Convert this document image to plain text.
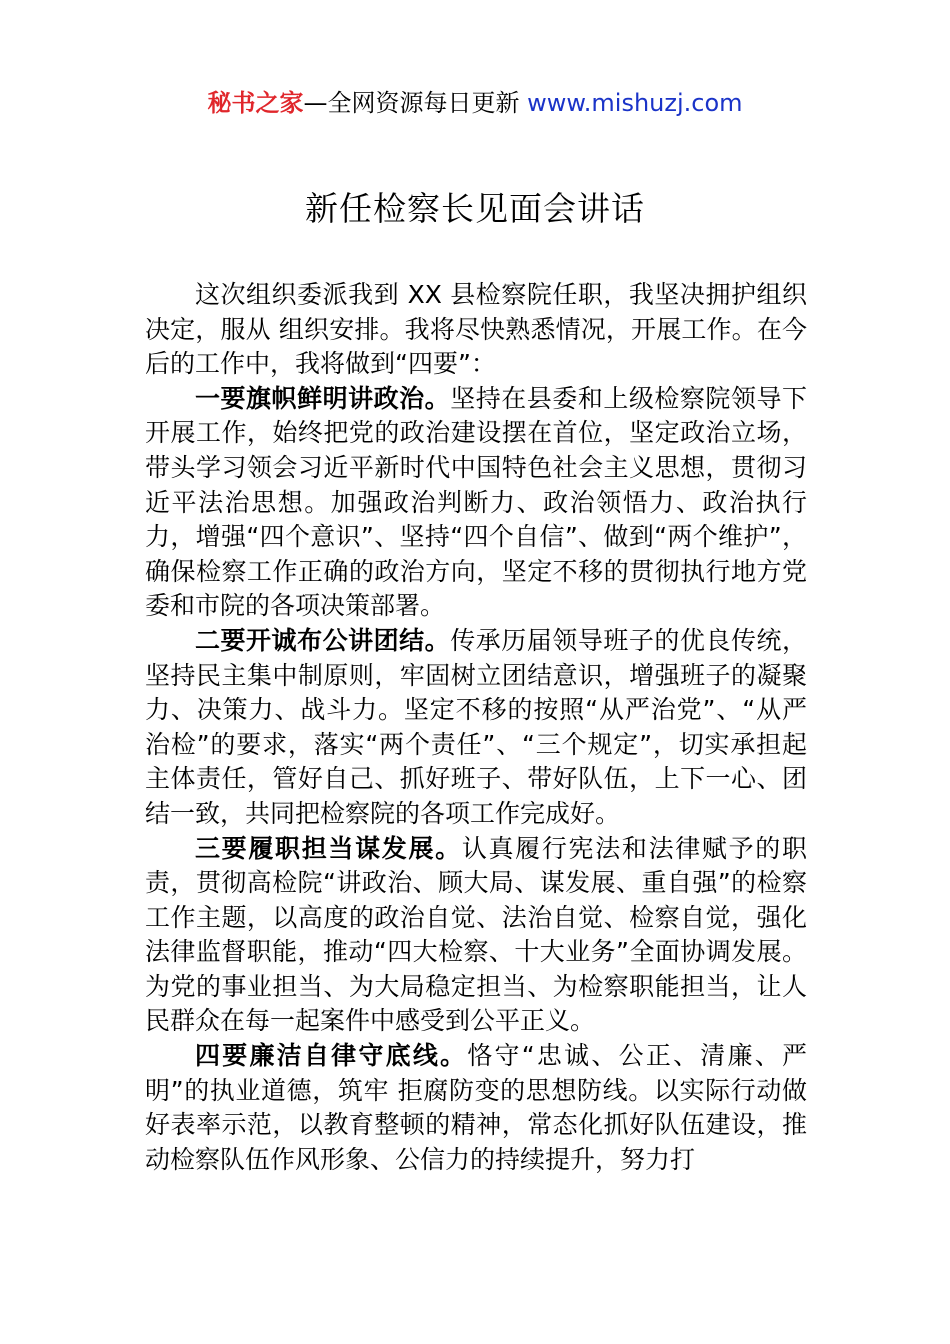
秘书之家—全网资源每日更新 www.mishuzj.com
新任检察长见面会讲话

这次组织委派我到 XX 县检察院任职，我坚决拥护组织决定，服从 组织安排。我将尽快熟悉情况，开展工作。在今后的工作中，我将做到“四要”：

一要旗帜鲜明讲政治。坚持在县委和上级检察院领导下开展工作，始终把党的政治建设摆在首位，坚定政治立场，带头学习领会习近平新时代中国特色社会主义思想，贯彻习近平法治思想。加强政治判断力、政治领悟力、政治执行力，增强“四个意识”、坚持“四个自信”、做到“两个维护”，确保检察工作正确的政治方向，坚定不移的贯彻执行地方党委和市院的各项决策部署。

二要开诚布公讲团结。传承历届领导班子的优良传统，坚持民主集中制原则，牢固树立团结意识，增强班子的凝聚力、决策力、战斗力。坚定不移的按照“从严治党”、“从严治检”的要求，落实“两个责任”、“三个规定”，切实承担起主体责任，管好自己、抓好班子、带好队伍，上下一心、团结一致，共同把检察院的各项工作完成好。

三要履职担当谋发展。认真履行宪法和法律赋予的职责，贯彻高检院“讲政治、顾大局、谋发展、重自强”的检察工作主题，以高度的政治自觉、法治自觉、检察自觉，强化法律监督职能，推动“四大检察、十大业务”全面协调发展。为党的事业担当、为大局稳定担当、为检察职能担当，让人民群众在每一起案件中感受到公平正义。

四要廉洁自律守底线。恪守“忠诚、公正、清廉、严明”的执业道德，筑牢 拒腐防变的思想防线。以实际行动做好表率示范，以教育整顿的精神，常态化抓好队伍建设，推动检察队伍作风形象、公信力的持续提升，努力打
